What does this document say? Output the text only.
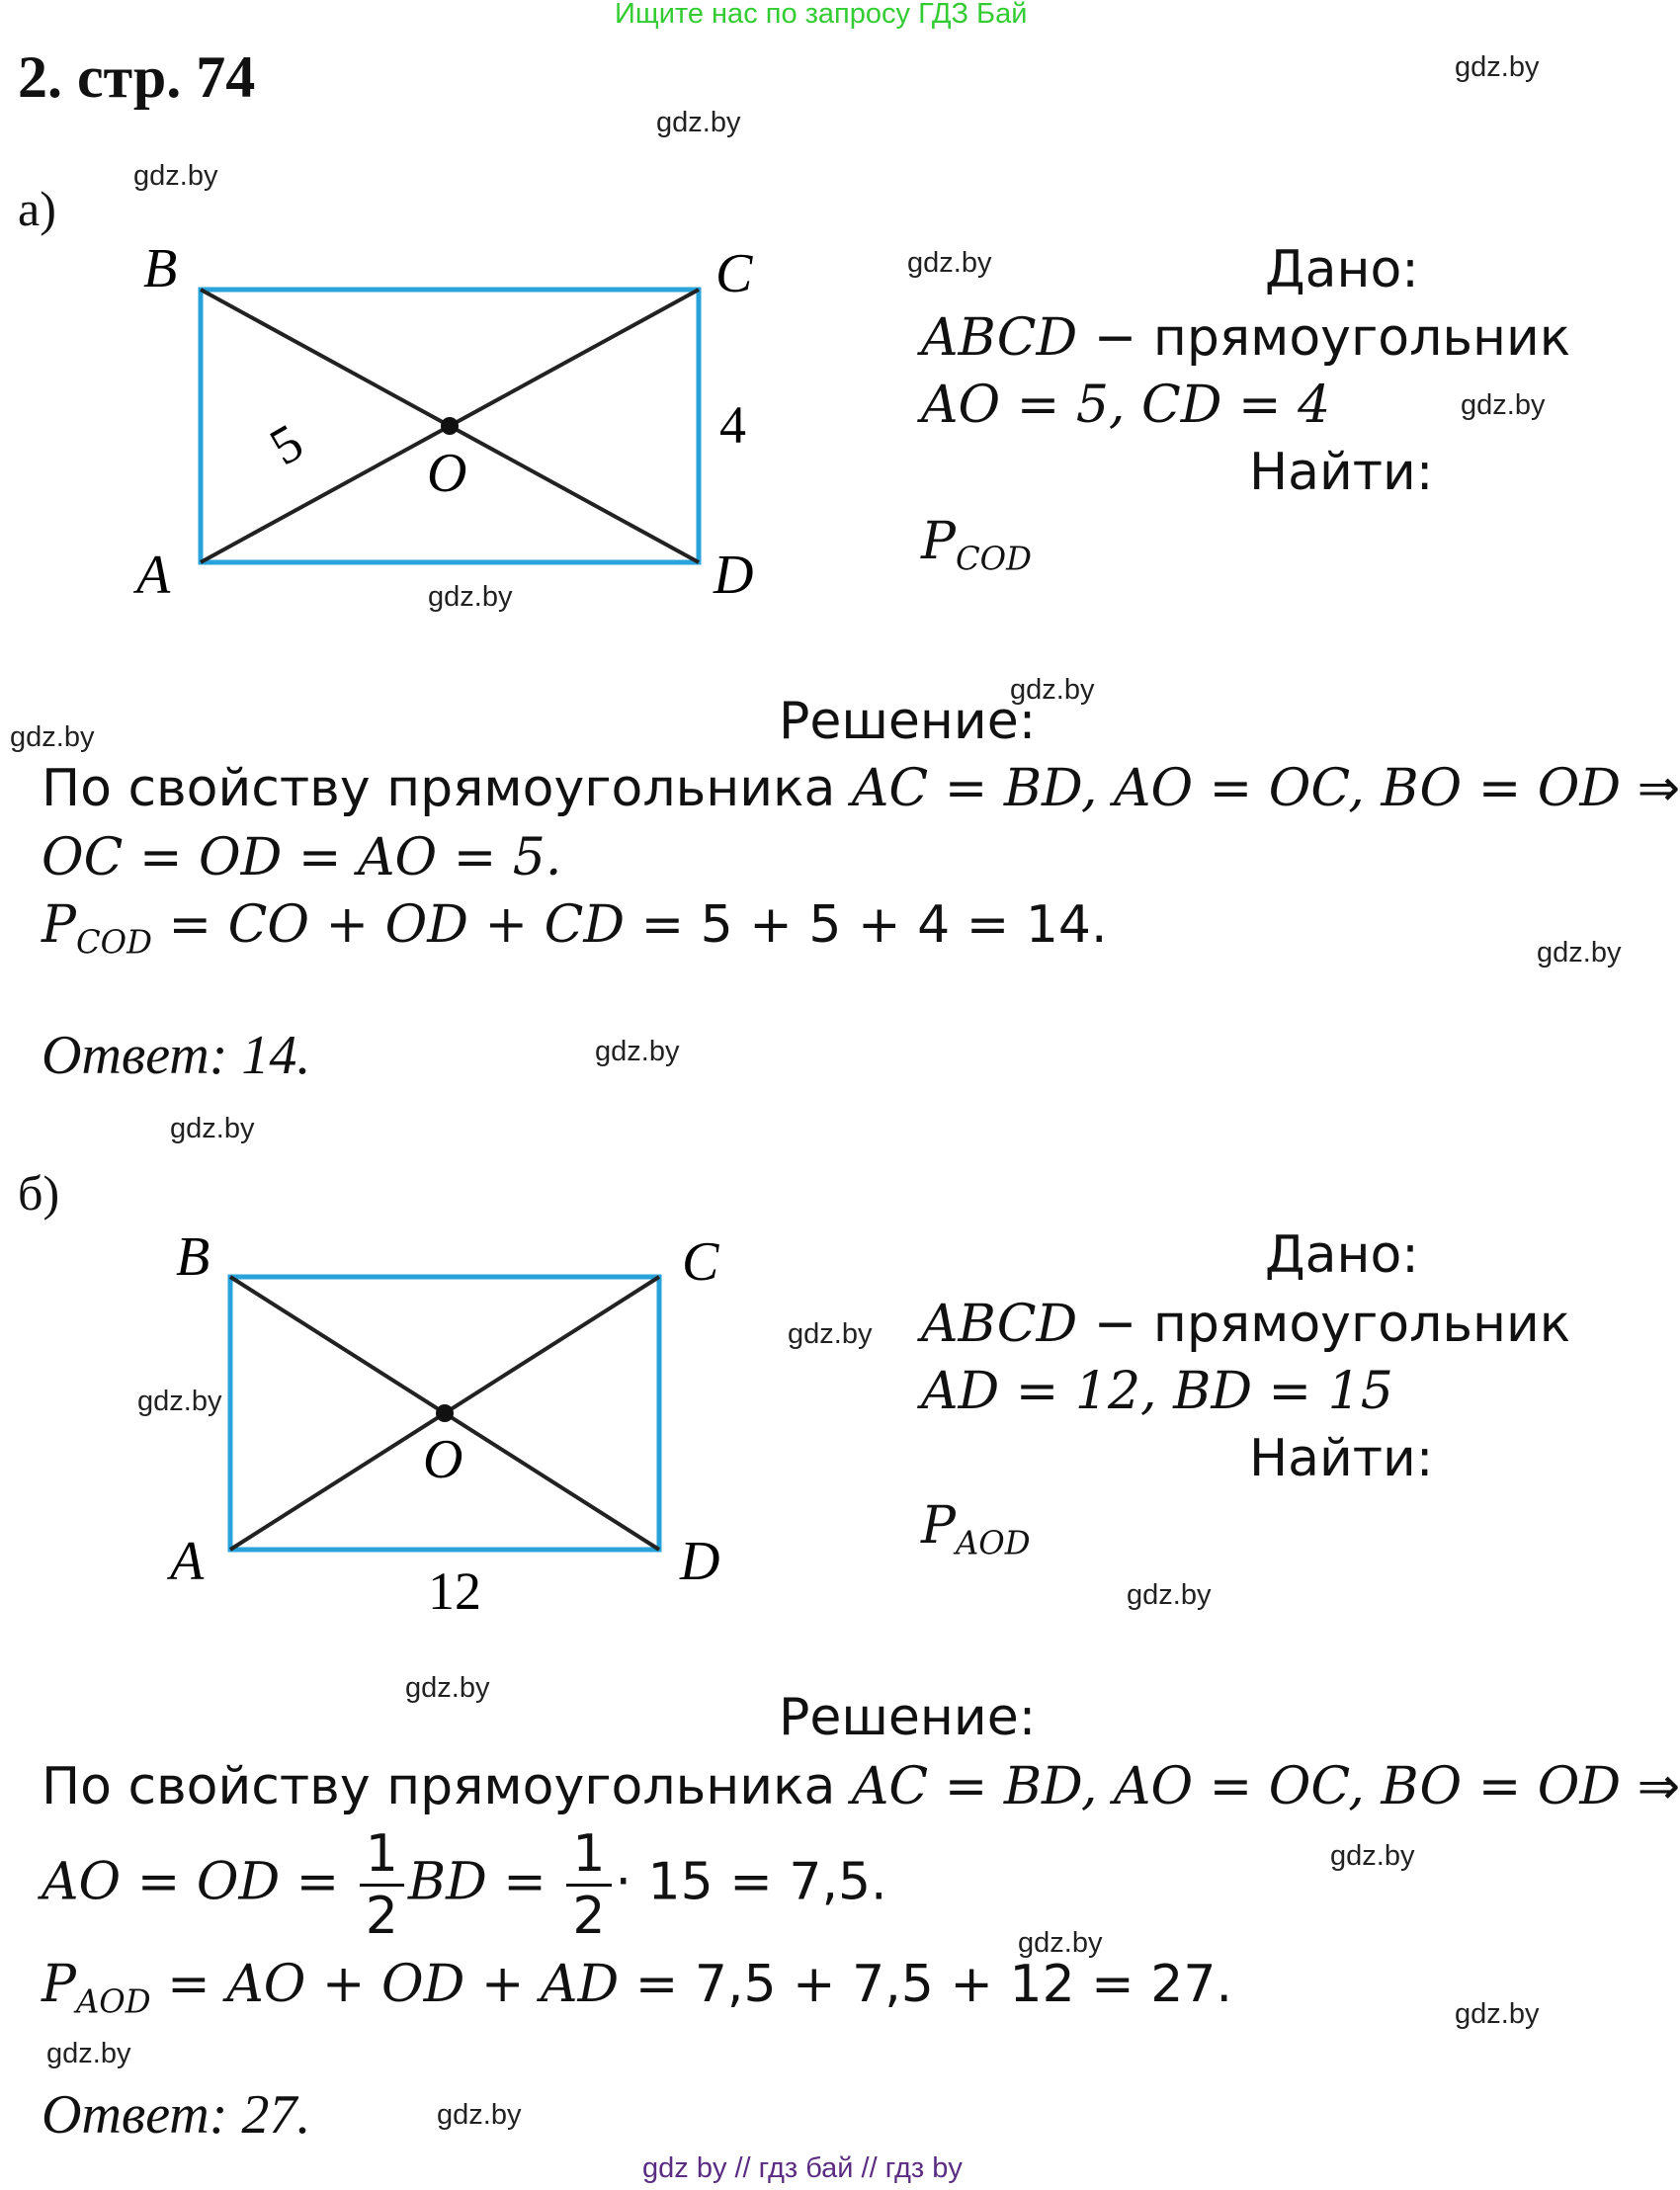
Ищите нас по запросу ГДЗ Бай
2. стр. 74	gdz.by
gdz.by
gdz.by
gdz.by
gdz.by
gdz.by
gdz.by
gdz.by
gdz.by
gdz.by
gdz.by
gdz.by
gdz.by
gdz.by
gdz.by
gdz.by
gdz.by
gdz.by
gdz.by
gdz.by
а)
B	C
A	D
O
5	4
B	C
A	D
O
12
Дано:
ABCD − прямоугольник
AO = 5, CD = 4
Найти:
$P_{COD}$
Решение:
По свойству прямоугольника AC = BD, AO = OC, BO = OD ⇒
OC = OD = AO = 5.
$P_{COD}$ = CO + OD + CD = 5 + 5 + 4 = 14.
Ответ: 14.
б)
Дано:
ABCD − прямоугольник
AD = 12, BD = 15
Найти:
$P_{AOD}$
Решение:
По свойству прямоугольника AC = BD, AO = OC, BO = OD ⇒
AO = OD = $\frac{1}{2}$ BD = $\frac{1}{2} \cdot 15 = 7,5$.
$P_{AOD}$ = AO + OD + AD = 7,5 + 7,5 + 12 = 27.
Ответ: 27.
gdz by // гдз бай // гдз by
